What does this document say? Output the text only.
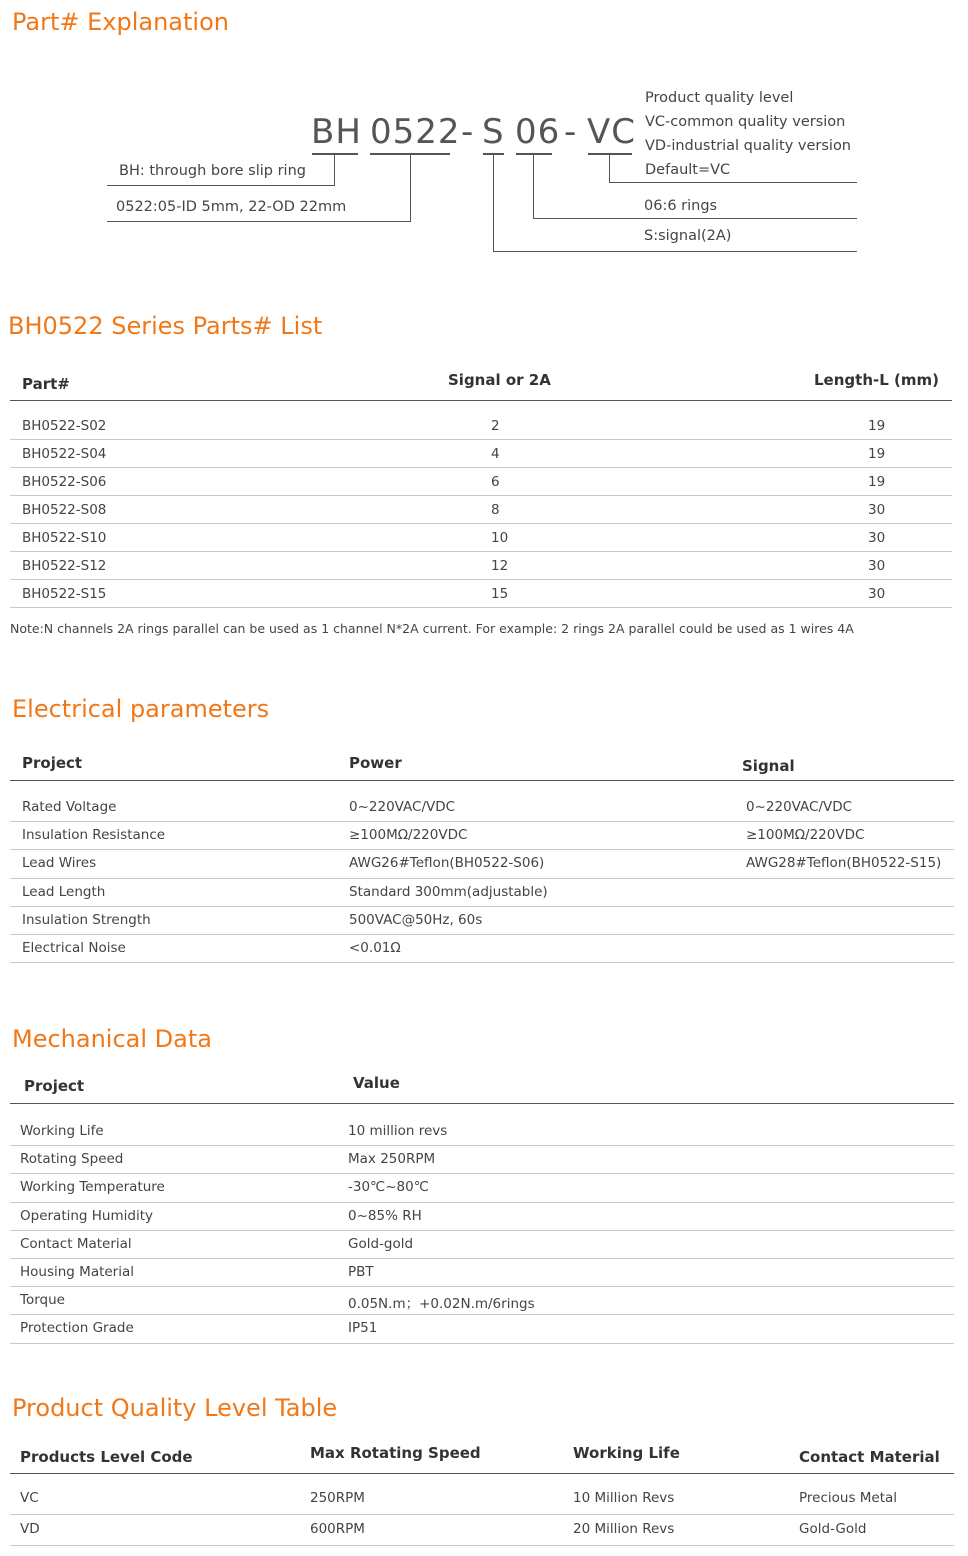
Part# Explanation
BH 0522 - S 06 - VC
BH: through bore slip ring
0522:05-ID 5mm, 22-OD 22mm
S:signal(2A)
06:6 rings
Product quality level
VC-common quality version
VD-industrial quality version
Default=VC
BH0522 Series Parts# List
Part#	Signal or 2A	Length-L (mm)
BH0522-S02	2	19
BH0522-S04	4	19
BH0522-S06	6	19
BH0522-S08	8	30
BH0522-S10	10	30
BH0522-S12	12	30
BH0522-S15	15	30
Note:N channels 2A rings parallel can be used as 1 channel N*2A current. For example: 2 rings 2A parallel could be used as 1 wires 4A
Electrical parameters
Project	Power	Signal
Rated Voltage	0~220VAC/VDC	0~220VAC/VDC
Insulation Resistance	≥100MΩ/220VDC	≥100MΩ/220VDC
Lead Wires	AWG26#Teflon(BH0522-S06)	AWG28#Teflon(BH0522-S15)
Lead Length	Standard 300mm(adjustable)
Insulation Strength	500VAC@50Hz, 60s
Electrical Noise	<0.01Ω
Mechanical Data
Project	Value
Working Life	10 million revs
Rotating Speed	Max 250RPM
Working Temperature	-30℃~80℃
Operating Humidity	0~85% RH
Contact Material	Gold-gold
Housing Material	PBT
Torque	0.05N.m；+0.02N.m/6rings
Protection Grade	IP51
Product Quality Level Table
Products Level Code	Max Rotating Speed	Working Life	Contact Material
VC	250RPM	10 Million Revs	Precious Metal
VD	600RPM	20 Million Revs	Gold-Gold
